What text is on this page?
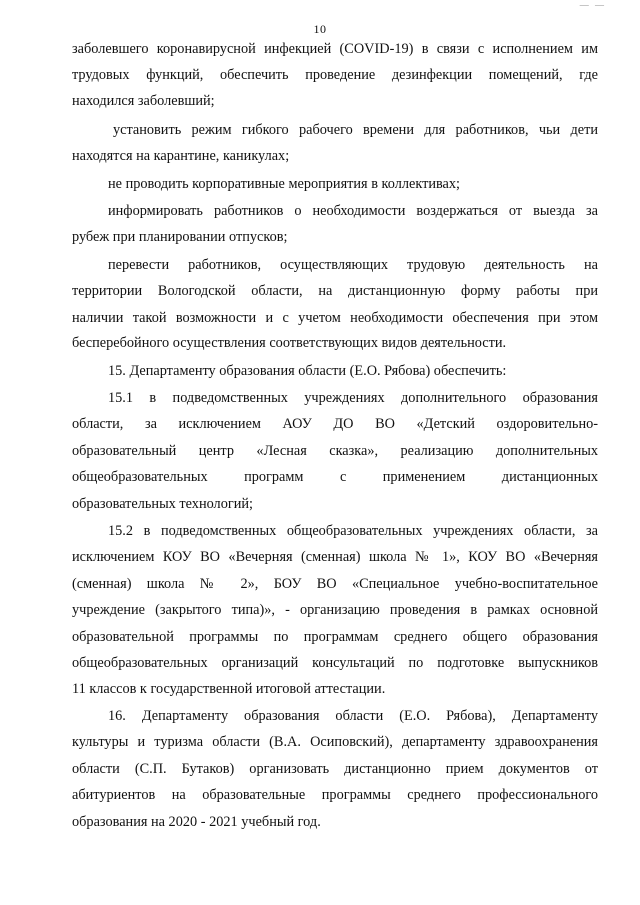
— —
10
заболевшего коронавирусной инфекцией (COVID-19) в связи с исполнением им
трудовых функций, обеспечить проведение дезинфекции помещений, где
находился заболевший;
установить режим гибкого рабочего времени для работников, чьи дети
находятся на карантине, каникулах;
не проводить корпоративные мероприятия в коллективах;
информировать работников о необходимости воздержаться от выезда за
рубеж при планировании отпусков;
перевести работников, осуществляющих трудовую деятельность на
территории Вологодской области, на дистанционную форму работы при
наличии такой возможности и с учетом необходимости обеспечения при этом
бесперебойного осуществления соответствующих видов деятельности.
15. Департаменту образования области (Е.О. Рябова) обеспечить:
15.1 в подведомственных учреждениях дополнительного образования
области, за исключением АОУ ДО ВО «Детский оздоровительно-
образовательный центр «Лесная сказка», реализацию дополнительных
общеобразовательных программ с применением дистанционных
образовательных технологий;
15.2 в подведомственных общеобразовательных учреждениях области, за
исключением КОУ ВО «Вечерняя (сменная) школа № 1», КОУ ВО «Вечерняя
(сменная) школа № 2», БОУ ВО «Специальное учебно-воспитательное
учреждение (закрытого типа)», - организацию проведения в рамках основной
образовательной программы по программам среднего общего образования
общеобразовательных организаций консультаций по подготовке выпускников
11 классов к государственной итоговой аттестации.
16. Департаменту образования области (Е.О. Рябова), Департаменту
культуры и туризма области (В.А. Осиповский), департаменту здравоохранения
области (С.П. Бутаков) организовать дистанционно прием документов от
абитуриентов на образовательные программы среднего профессионального
образования на 2020 - 2021 учебный год.
